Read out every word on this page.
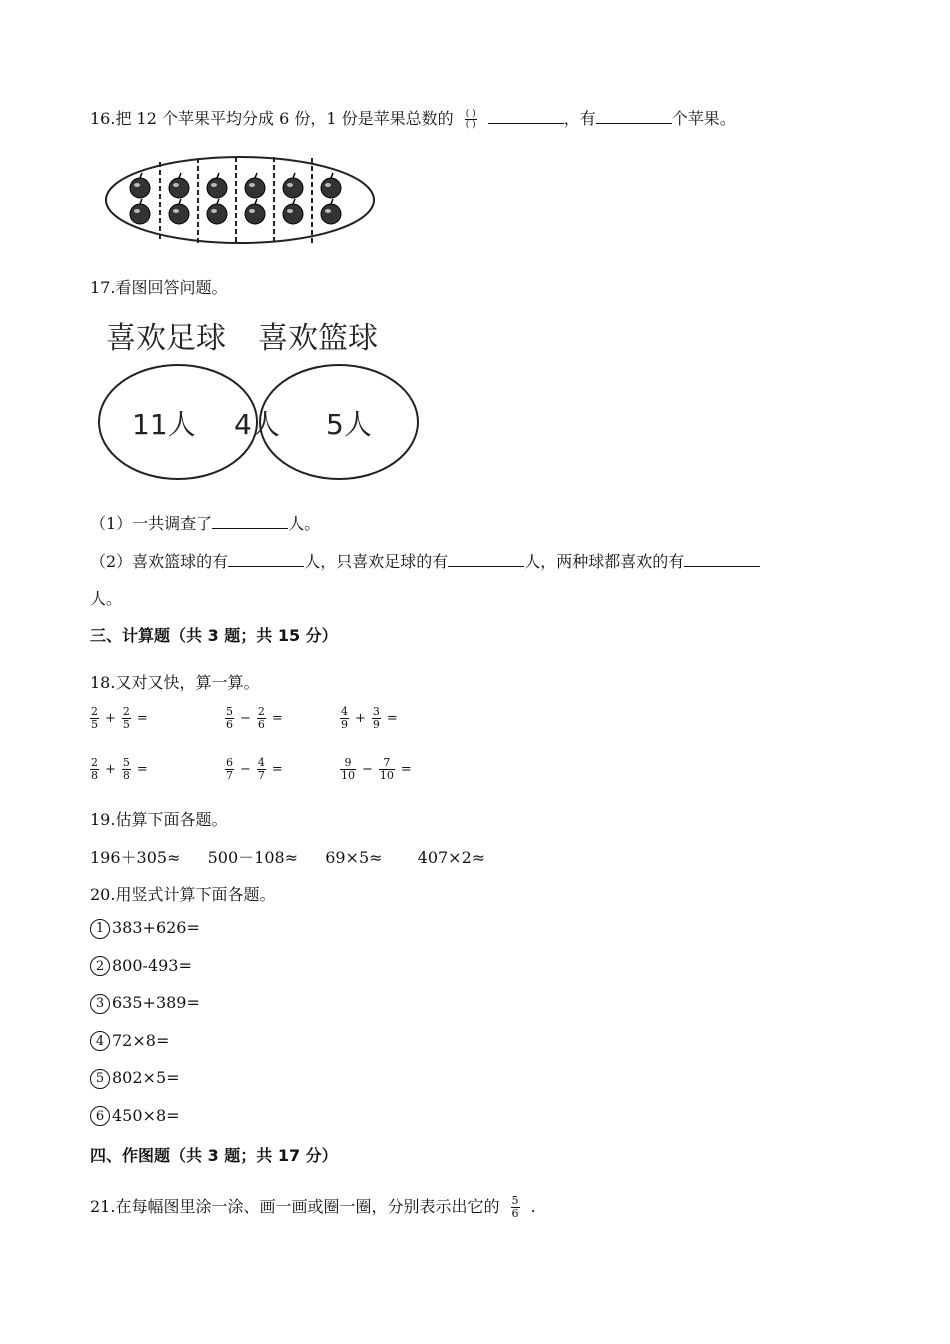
16.把 12 个苹果平均分成 6 份，1 份是苹果总数的 $\frac{( )}{( )}$	，有	个苹果。
17.看图回答问题。
喜欢足球 喜欢篮球
11人 4人 5人
（1）一共调查了	人。
（2）喜欢篮球的有	人，只喜欢足球的有	人，两种球都喜欢的有
人。
三、计算题（共 3 题；共 15 分）
18.又对又快，算一算。
$\frac{2}{5} + \frac{2}{5}$ =	$\frac{5}{6} - \frac{2}{6}$ =	$\frac{4}{9} + \frac{3}{9}$ =
$\frac{2}{8} + \frac{5}{8}$ =	$\frac{6}{7} - \frac{4}{7}$ =	$\frac{9}{10} - \frac{7}{10}$ =
19.估算下面各题。
196＋305≈ 500－108≈ 69×5≈ 407×2≈
20.用竖式计算下面各题。
1 383+626=
2 800-493=
3 635+389=
4 72×8=
5 802×5=
6 450×8=
四、作图题（共 3 题；共 17 分）
21.在每幅图里涂一涂、画一画或圈一圈，分别表示出它的 $\frac{5}{6}$ .
